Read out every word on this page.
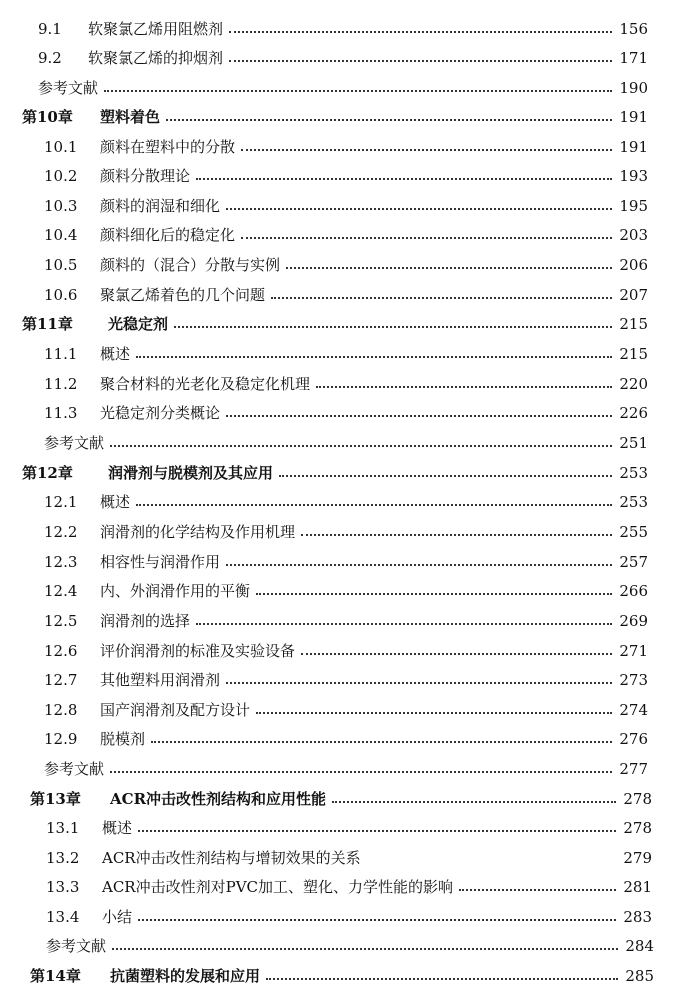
9.1	软聚氯乙烯用阻燃剂	156
9.2	软聚氯乙烯的抑烟剂	171
参考文献	190
第10章	塑料着色	191
10.1	颜料在塑料中的分散	191
10.2	颜料分散理论	193
10.3	颜料的润湿和细化	195
10.4	颜料细化后的稳定化	203
10.5	颜料的（混合）分散与实例	206
10.6	聚氯乙烯着色的几个问题	207
第11章	光稳定剂	215
11.1	概述	215
11.2	聚合材料的光老化及稳定化机理	220
11.3	光稳定剂分类概论	226
参考文献	251
第12章	润滑剂与脱模剂及其应用	253
12.1	概述	253
12.2	润滑剂的化学结构及作用机理	255
12.3	相容性与润滑作用	257
12.4	内、外润滑作用的平衡	266
12.5	润滑剂的选择	269
12.6	评价润滑剂的标准及实验设备	271
12.7	其他塑料用润滑剂	273
12.8	国产润滑剂及配方设计	274
12.9	脱模剂	276
参考文献	277
第13章	ACR冲击改性剂结构和应用性能	278
13.1	概述	278
13.2	ACR冲击改性剂结构与增韧效果的关系	279
13.3	ACR冲击改性剂对PVC加工、塑化、力学性能的影响	281
13.4	小结	283
参考文献	284
第14章	抗菌塑料的发展和应用	285
